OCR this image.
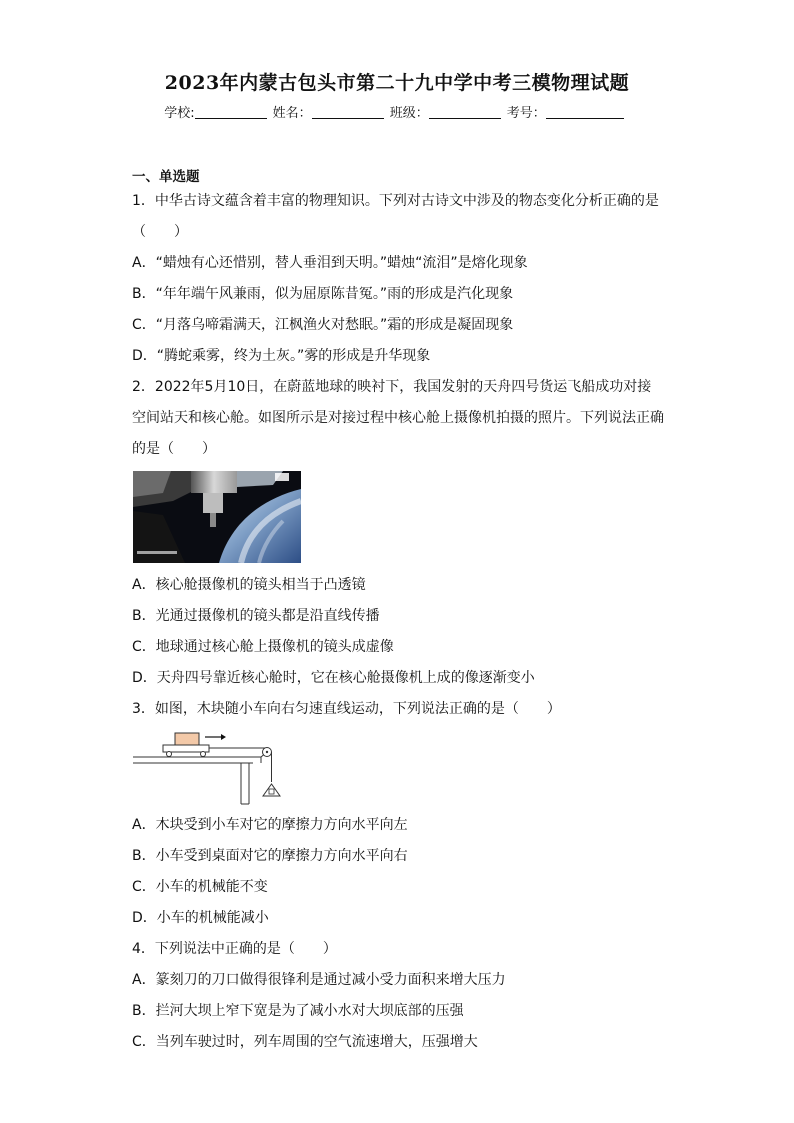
2023年内蒙古包头市第二十九中学中考三模物理试题
学校:	姓名：	班级：	考号：
一、单选题
1．中华古诗文蕴含着丰富的物理知识。下列对古诗文中涉及的物态变化分析正确的是
（　　）
A．“蜡烛有心还惜别，替人垂泪到天明。”蜡烛“流泪”是熔化现象
B．“年年端午风兼雨，似为屈原陈昔冤。”雨的形成是汽化现象
C．“月落乌啼霜满天，江枫渔火对愁眠。”霜的形成是凝固现象
D．“腾蛇乘雾，终为土灰。”雾的形成是升华现象
2．2022年5月10日，在蔚蓝地球的映衬下，我国发射的天舟四号货运飞船成功对接
空间站天和核心舱。如图所示是对接过程中核心舱上摄像机拍摄的照片。下列说法正确
的是（　　）
A．核心舱摄像机的镜头相当于凸透镜
B．光通过摄像机的镜头都是沿直线传播
C．地球通过核心舱上摄像机的镜头成虚像
D．天舟四号靠近核心舱时，它在核心舱摄像机上成的像逐渐变小
3．如图，木块随小车向右匀速直线运动，下列说法正确的是（　　）
A．木块受到小车对它的摩擦力方向水平向左
B．小车受到桌面对它的摩擦力方向水平向右
C．小车的机械能不变
D．小车的机械能减小
4．下列说法中正确的是（　　）
A．篆刻刀的刀口做得很锋利是通过减小受力面积来增大压力
B．拦河大坝上窄下宽是为了减小水对大坝底部的压强
C．当列车驶过时，列车周围的空气流速增大，压强增大
